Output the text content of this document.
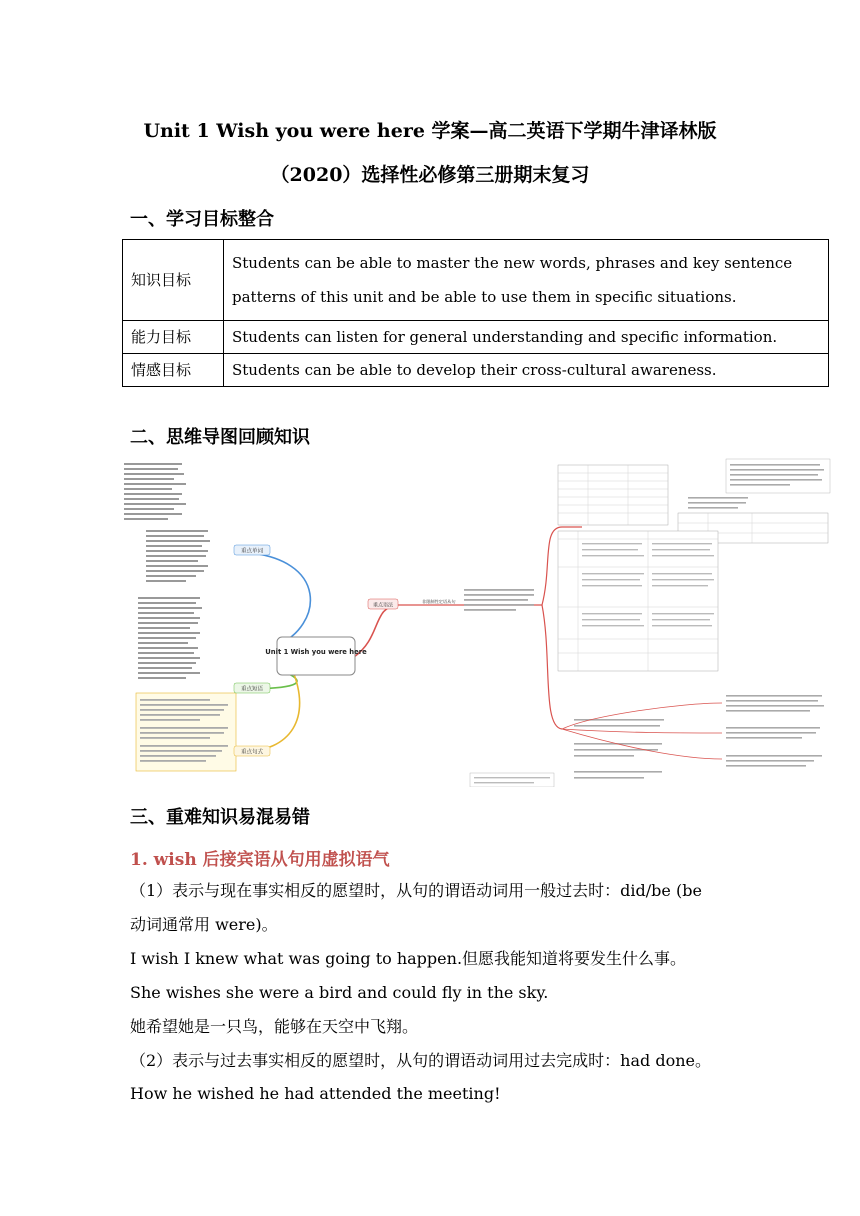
Unit 1 Wish you were here 学案—高二英语下学期牛津译林版
（2020）选择性必修第三册期末复习
一、学习目标整合
知识目标	Students can be able to master the new words, phrases and key sentence patterns of this unit and be able to use them in specific situations.
能力目标	Students can listen for general understanding and specific information.
情感目标	Students can be able to develop their cross-cultural awareness.
二、思维导图回顾知识
重点单词
重点短语
重点句式
重点语法
非限制性定语从句
Unit 1 Wish you were here
三、重难知识易混易错
1. wish 后接宾语从句用虚拟语气
（1）表示与现在事实相反的愿望时，从句的谓语动词用一般过去时：did/be (be
动词通常用 were)。
I wish I knew what was going to happen.但愿我能知道将要发生什么事。
She wishes she were a bird and could fly in the sky.
她希望她是一只鸟，能够在天空中飞翔。
（2）表示与过去事实相反的愿望时，从句的谓语动词用过去完成时：had done。
How he wished he had attended the meeting!
